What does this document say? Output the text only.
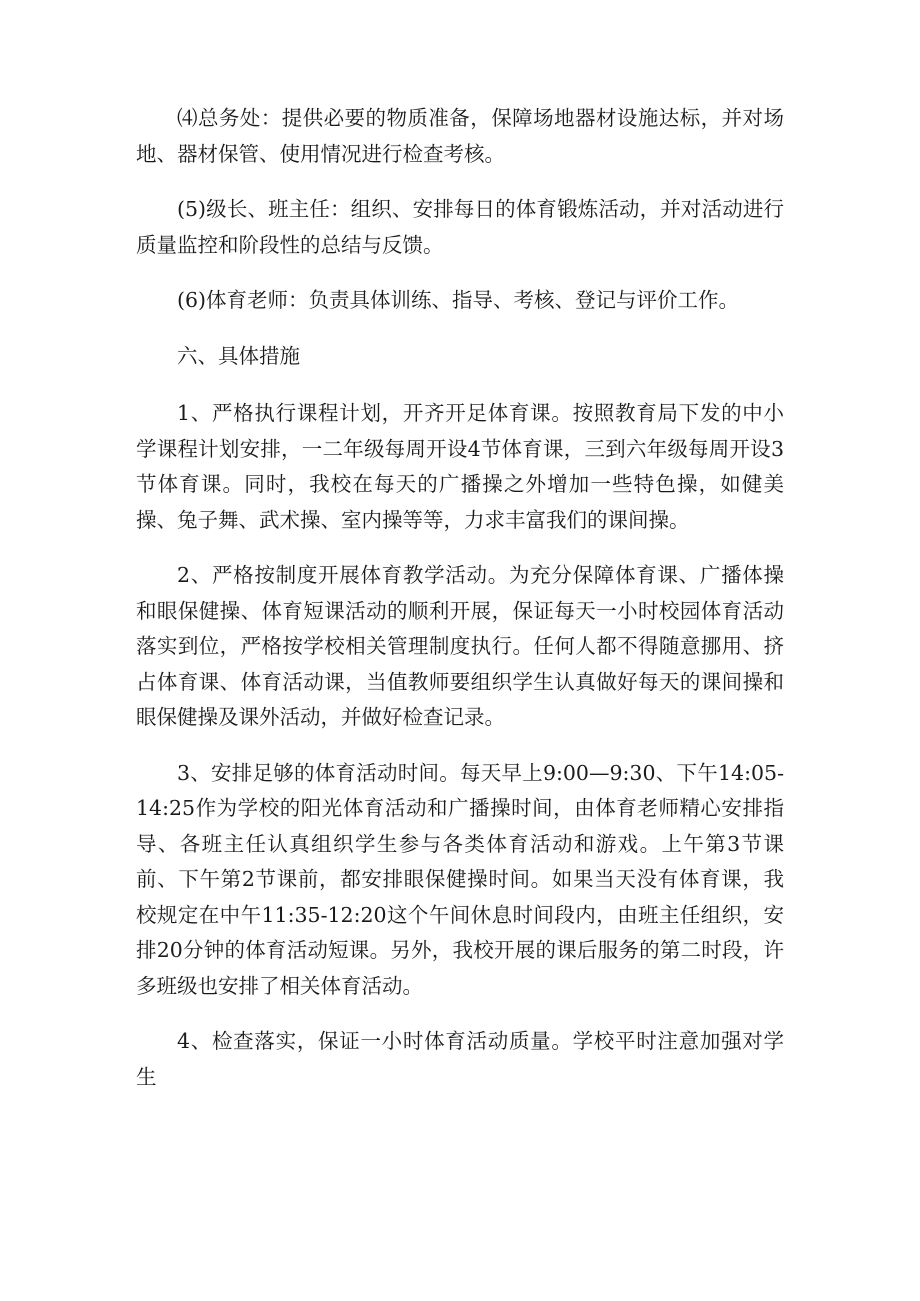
⑷总务处：提供必要的物质准备，保障场地器材设施达标，并对场地、器材保管、使用情况进行检查考核。

(5)级长、班主任：组织、安排每日的体育锻炼活动，并对活动进行质量监控和阶段性的总结与反馈。

(6)体育老师：负责具体训练、指导、考核、登记与评价工作。

六、具体措施

1、严格执行课程计划，开齐开足体育课。按照教育局下发的中小学课程计划安排，一二年级每周开设4节体育课，三到六年级每周开设3节体育课。同时，我校在每天的广播操之外增加一些特色操，如健美操、兔子舞、武术操、室内操等等，力求丰富我们的课间操。

2、严格按制度开展体育教学活动。为充分保障体育课、广播体操和眼保健操、体育短课活动的顺利开展，保证每天一小时校园体育活动落实到位，严格按学校相关管理制度执行。任何人都不得随意挪用、挤占体育课、体育活动课，当值教师要组织学生认真做好每天的课间操和眼保健操及课外活动，并做好检查记录。

3、安排足够的体育活动时间。每天早上9:00—9:30、下午14:05-14:25作为学校的阳光体育活动和广播操时间，由体育老师精心安排指导、各班主任认真组织学生参与各类体育活动和游戏。上午第3节课前、下午第2节课前，都安排眼保健操时间。如果当天没有体育课，我校规定在中午11:35-12:20这个午间休息时间段内，由班主任组织，安排20分钟的体育活动短课。另外，我校开展的课后服务的第二时段，许多班级也安排了相关体育活动。

4、检查落实，保证一小时体育活动质量。学校平时注意加强对学生
